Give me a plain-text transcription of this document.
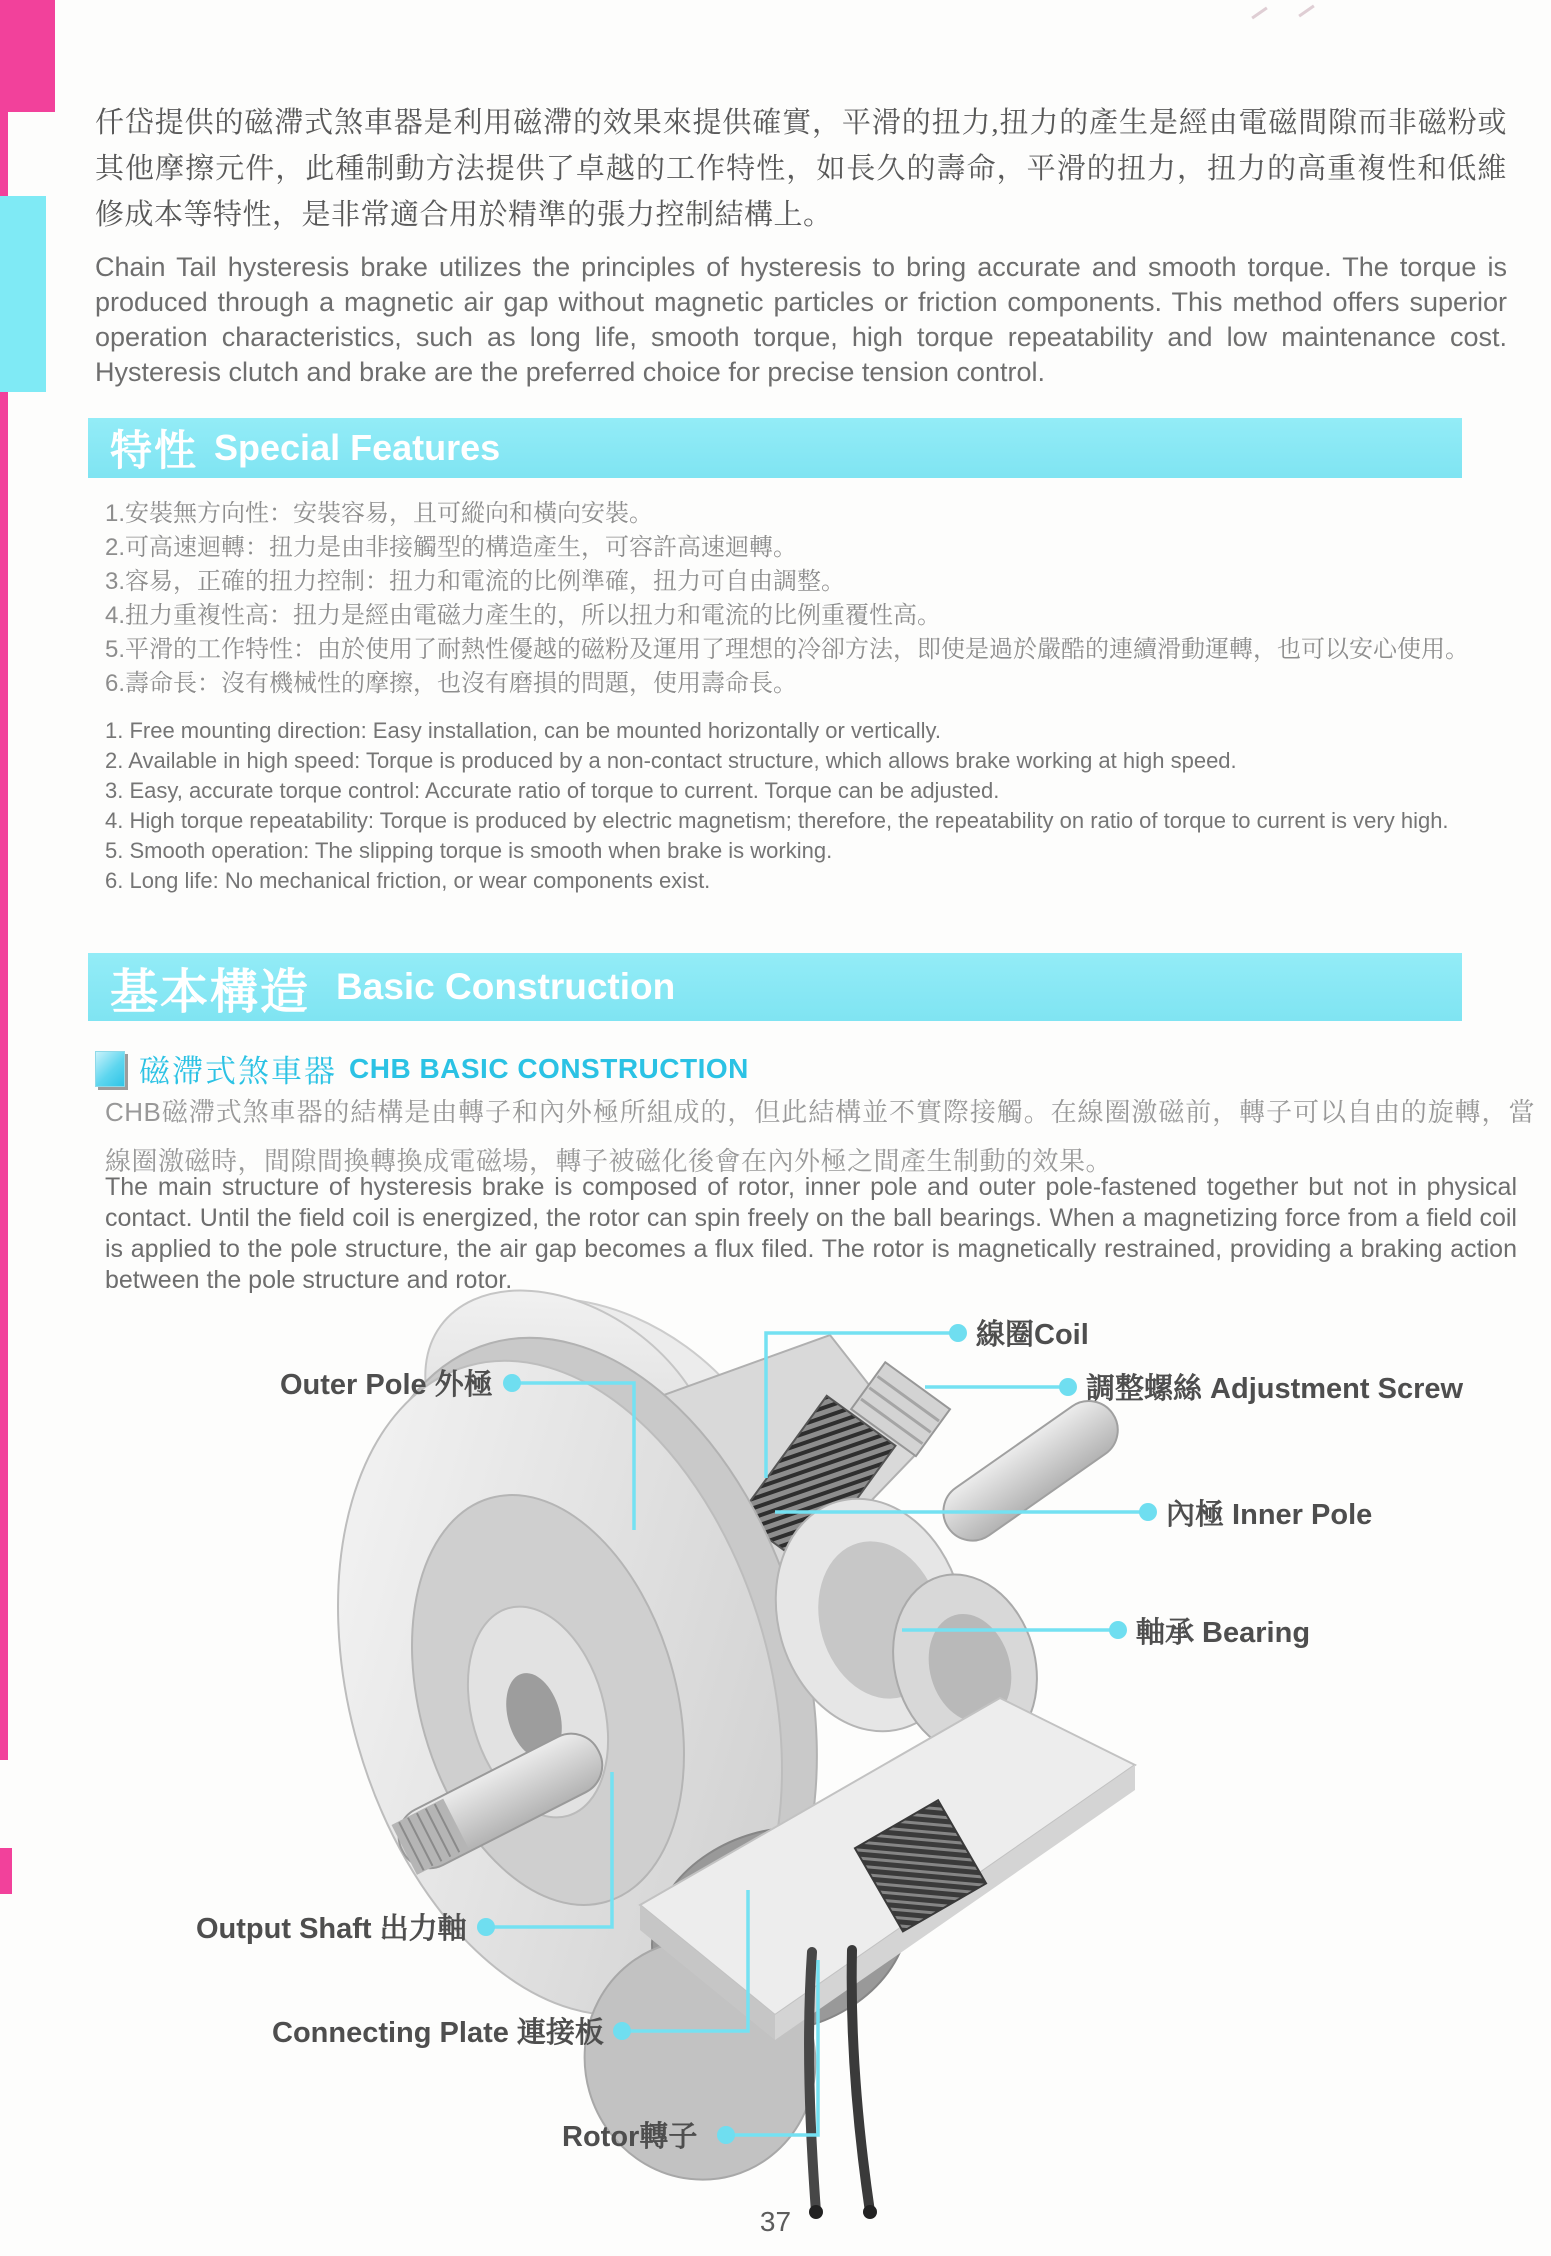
仟岱提供的磁滯式煞車器是利用磁滯的效果來提供確實，平滑的扭力,扭力的產生是經由電磁間隙而非磁粉或其他摩擦元件，此種制動方法提供了卓越的工作特性，如長久的壽命，平滑的扭力，扭力的高重複性和低維修成本等特性，是非常適合用於精準的張力控制結構上。
Chain Tail hysteresis brake utilizes the principles of hysteresis to bring accurate and smooth torque. The torque is produced through a magnetic air gap without magnetic particles or friction components. This method offers superior operation characteristics, such as long life, smooth torque, high torque repeatability and low maintenance cost. Hysteresis clutch and brake are the preferred choice for precise tension control.
特性 Special Features
1.安裝無方向性：安裝容易，且可縱向和橫向安裝。
2.可高速迴轉：扭力是由非接觸型的構造產生，可容許高速迴轉。
3.容易，正確的扭力控制：扭力和電流的比例準確，扭力可自由調整。
4.扭力重複性高：扭力是經由電磁力產生的，所以扭力和電流的比例重覆性高。
5.平滑的工作特性：由於使用了耐熱性優越的磁粉及運用了理想的冷卻方法，即使是過於嚴酷的連續滑動運轉，也可以安心使用。
6.壽命長：沒有機械性的摩擦，也沒有磨損的問題，使用壽命長。
1. Free mounting direction: Easy installation, can be mounted horizontally or vertically.
2. Available in high speed: Torque is produced by a non-contact structure, which allows brake working at high speed.
3. Easy, accurate torque control: Accurate ratio of torque to current. Torque can be adjusted.
4. High torque repeatability: Torque is produced by electric magnetism; therefore, the repeatability on ratio of torque to current is very high.
5. Smooth operation: The slipping torque is smooth when brake is working.
6. Long life: No mechanical friction, or wear components exist.
基本構造 Basic Construction
磁滯式煞車器 CHB BASIC CONSTRUCTION
CHB磁滯式煞車器的結構是由轉子和內外極所組成的，但此結構並不實際接觸。在線圈激磁前，轉子可以自由的旋轉，當線圈激磁時，間隙間換轉換成電磁場，轉子被磁化後會在內外極之間產生制動的效果。
The main structure of hysteresis brake is composed of rotor, inner pole and outer pole-fastened together but not in physical contact. Until the field coil is energized, the rotor can spin freely on the ball bearings. When a magnetizing force from a field coil is applied to the pole structure, the air gap becomes a flux filed. The rotor is magnetically restrained, providing a braking action between the pole structure and rotor.
線圈Coil
調整螺絲 Adjustment Screw
Outer Pole 外極
內極 Inner Pole
軸承 Bearing
Output Shaft 出力軸
Connecting Plate 連接板
Rotor轉子
37
